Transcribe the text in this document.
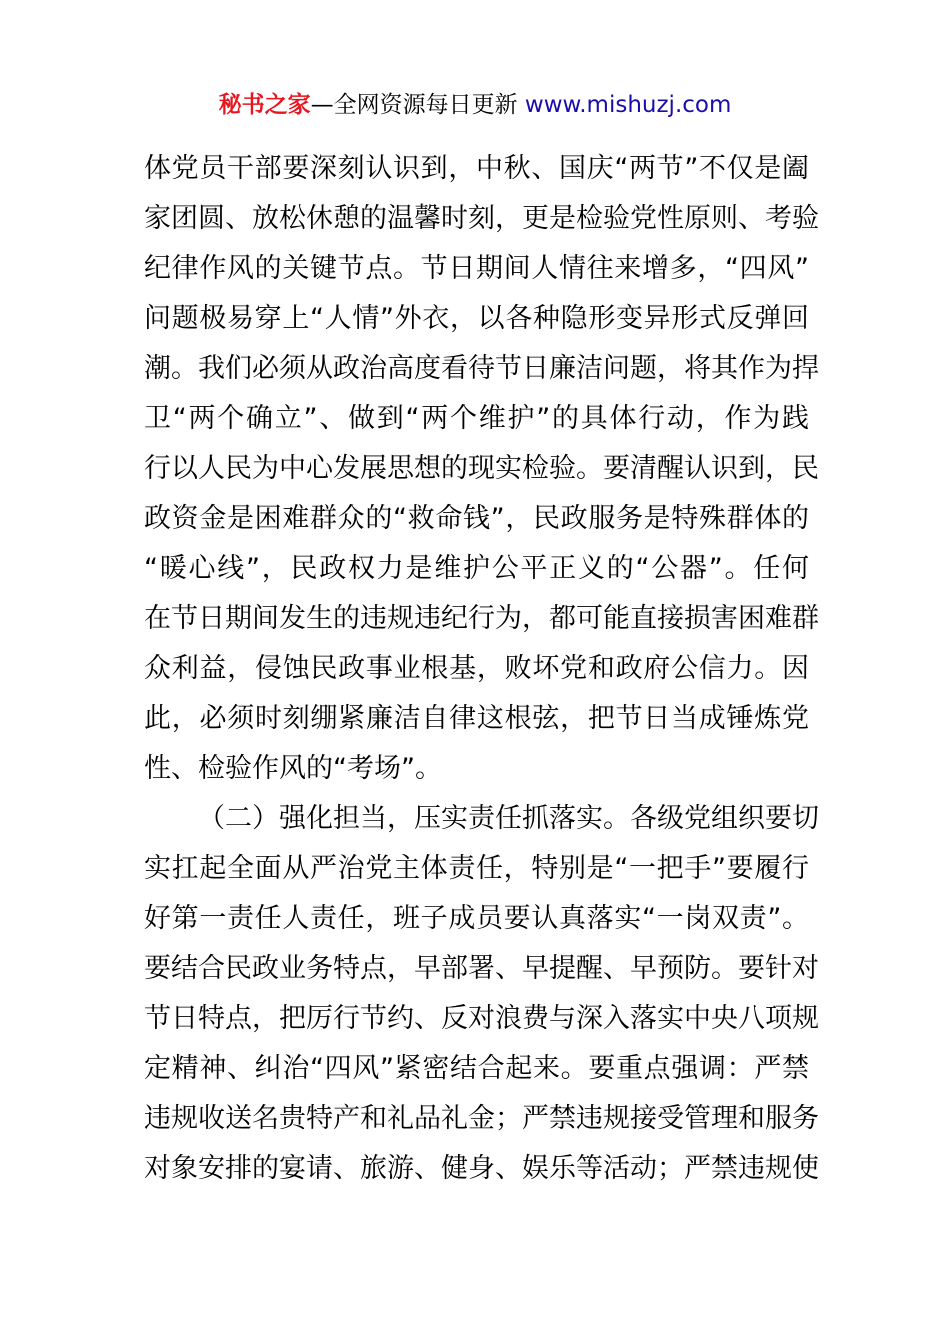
秘书之家—全网资源每日更新 www.mishuzj.com
体党员干部要深刻认识到，中秋、国庆“两节”不仅是阖
家团圆、放松休憩的温馨时刻，更是检验党性原则、考验
纪律作风的关键节点。节日期间人情往来增多，“四风”
问题极易穿上“人情”外衣，以各种隐形变异形式反弹回
潮。我们必须从政治高度看待节日廉洁问题，将其作为捍
卫“两个确立”、做到“两个维护”的具体行动，作为践
行以人民为中心发展思想的现实检验。要清醒认识到，民
政资金是困难群众的“救命钱”，民政服务是特殊群体的
“暖心线”，民政权力是维护公平正义的“公器”。任何
在节日期间发生的违规违纪行为，都可能直接损害困难群
众利益，侵蚀民政事业根基，败坏党和政府公信力。因
此，必须时刻绷紧廉洁自律这根弦，把节日当成锤炼党
性、检验作风的“考场”。
（二）强化担当，压实责任抓落实。各级党组织要切
实扛起全面从严治党主体责任，特别是“一把手”要履行
好第一责任人责任，班子成员要认真落实“一岗双责”。
要结合民政业务特点，早部署、早提醒、早预防。要针对
节日特点，把厉行节约、反对浪费与深入落实中央八项规
定精神、纠治“四风”紧密结合起来。要重点强调：严禁
违规收送名贵特产和礼品礼金；严禁违规接受管理和服务
对象安排的宴请、旅游、健身、娱乐等活动；严禁违规使
